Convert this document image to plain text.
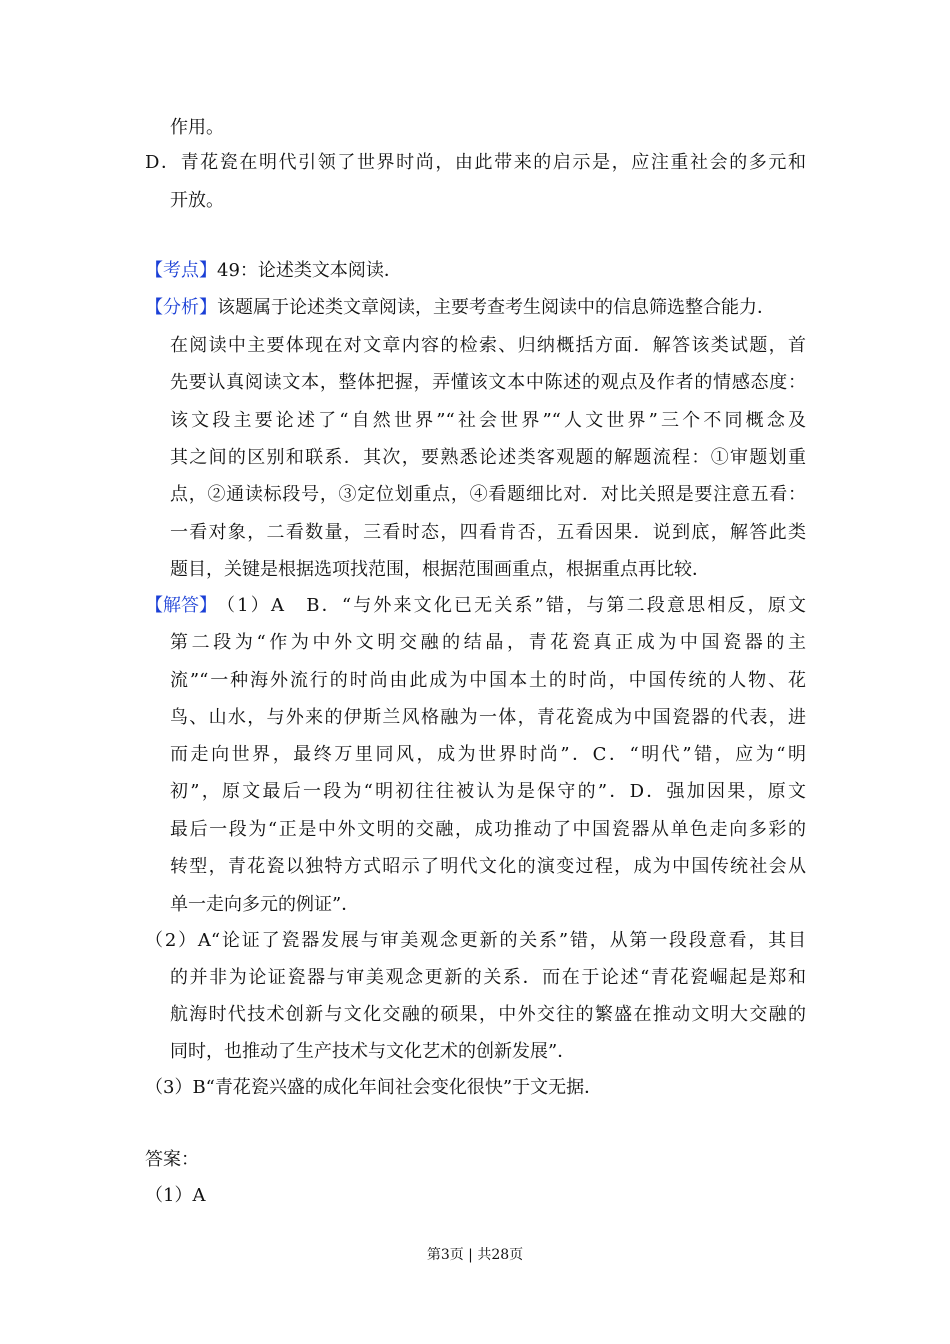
作用。
D．青花瓷在明代引领了世界时尚，由此带来的启示是，应注重社会的多元和
开放。
【考点】49：论述类文本阅读．
【分析】 该题属于论述类文章阅读，主要考查考生阅读中的信息筛选整合能力．
在阅读中主要体现在对文章内容的检索、归纳概括方面．解答该类试题，首
先要认真阅读文本，整体把握，弄懂该文本中陈述的观点及作者的情感态度：
该文段主要论述了“自然世界”“社会世界”“人文世界”三个不同概念及
其之间的区别和联系．其次，要熟悉论述类客观题的解题流程：①审题划重
点，②通读标段号，③定位划重点，④看题细比对．对比关照是要注意五看：
一看对象，二看数量，三看时态，四看肯否，五看因果．说到底，解答此类
题目，关键是根据选项找范围，根据范围画重点，根据重点再比较．
【解答】 （1）A　B．“与外来文化已无关系”错，与第二段意思相反，原文
第二段为“作为中外文明交融的结晶，青花瓷真正成为中国瓷器的主
流”“一种海外流行的时尚由此成为中国本土的时尚，中国传统的人物、花
鸟、山水，与外来的伊斯兰风格融为一体，青花瓷成为中国瓷器的代表，进
而走向世界，最终万里同风，成为世界时尚”．C．“明代”错，应为“明
初”，原文最后一段为“明初往往被认为是保守的”．D．强加因果，原文
最后一段为“正是中外文明的交融，成功推动了中国瓷器从单色走向多彩的
转型，青花瓷以独特方式昭示了明代文化的演变过程，成为中国传统社会从
单一走向多元的例证”．
（2）A“论证了瓷器发展与审美观念更新的关系”错，从第一段段意看，其目
的并非为论证瓷器与审美观念更新的关系．而在于论述“青花瓷崛起是郑和
航海时代技术创新与文化交融的硕果，中外交往的繁盛在推动文明大交融的
同时，也推动了生产技术与文化艺术的创新发展”．
（3）B“青花瓷兴盛的成化年间社会变化很快”于文无据．
答案：
（1）A
第3页 | 共28页
